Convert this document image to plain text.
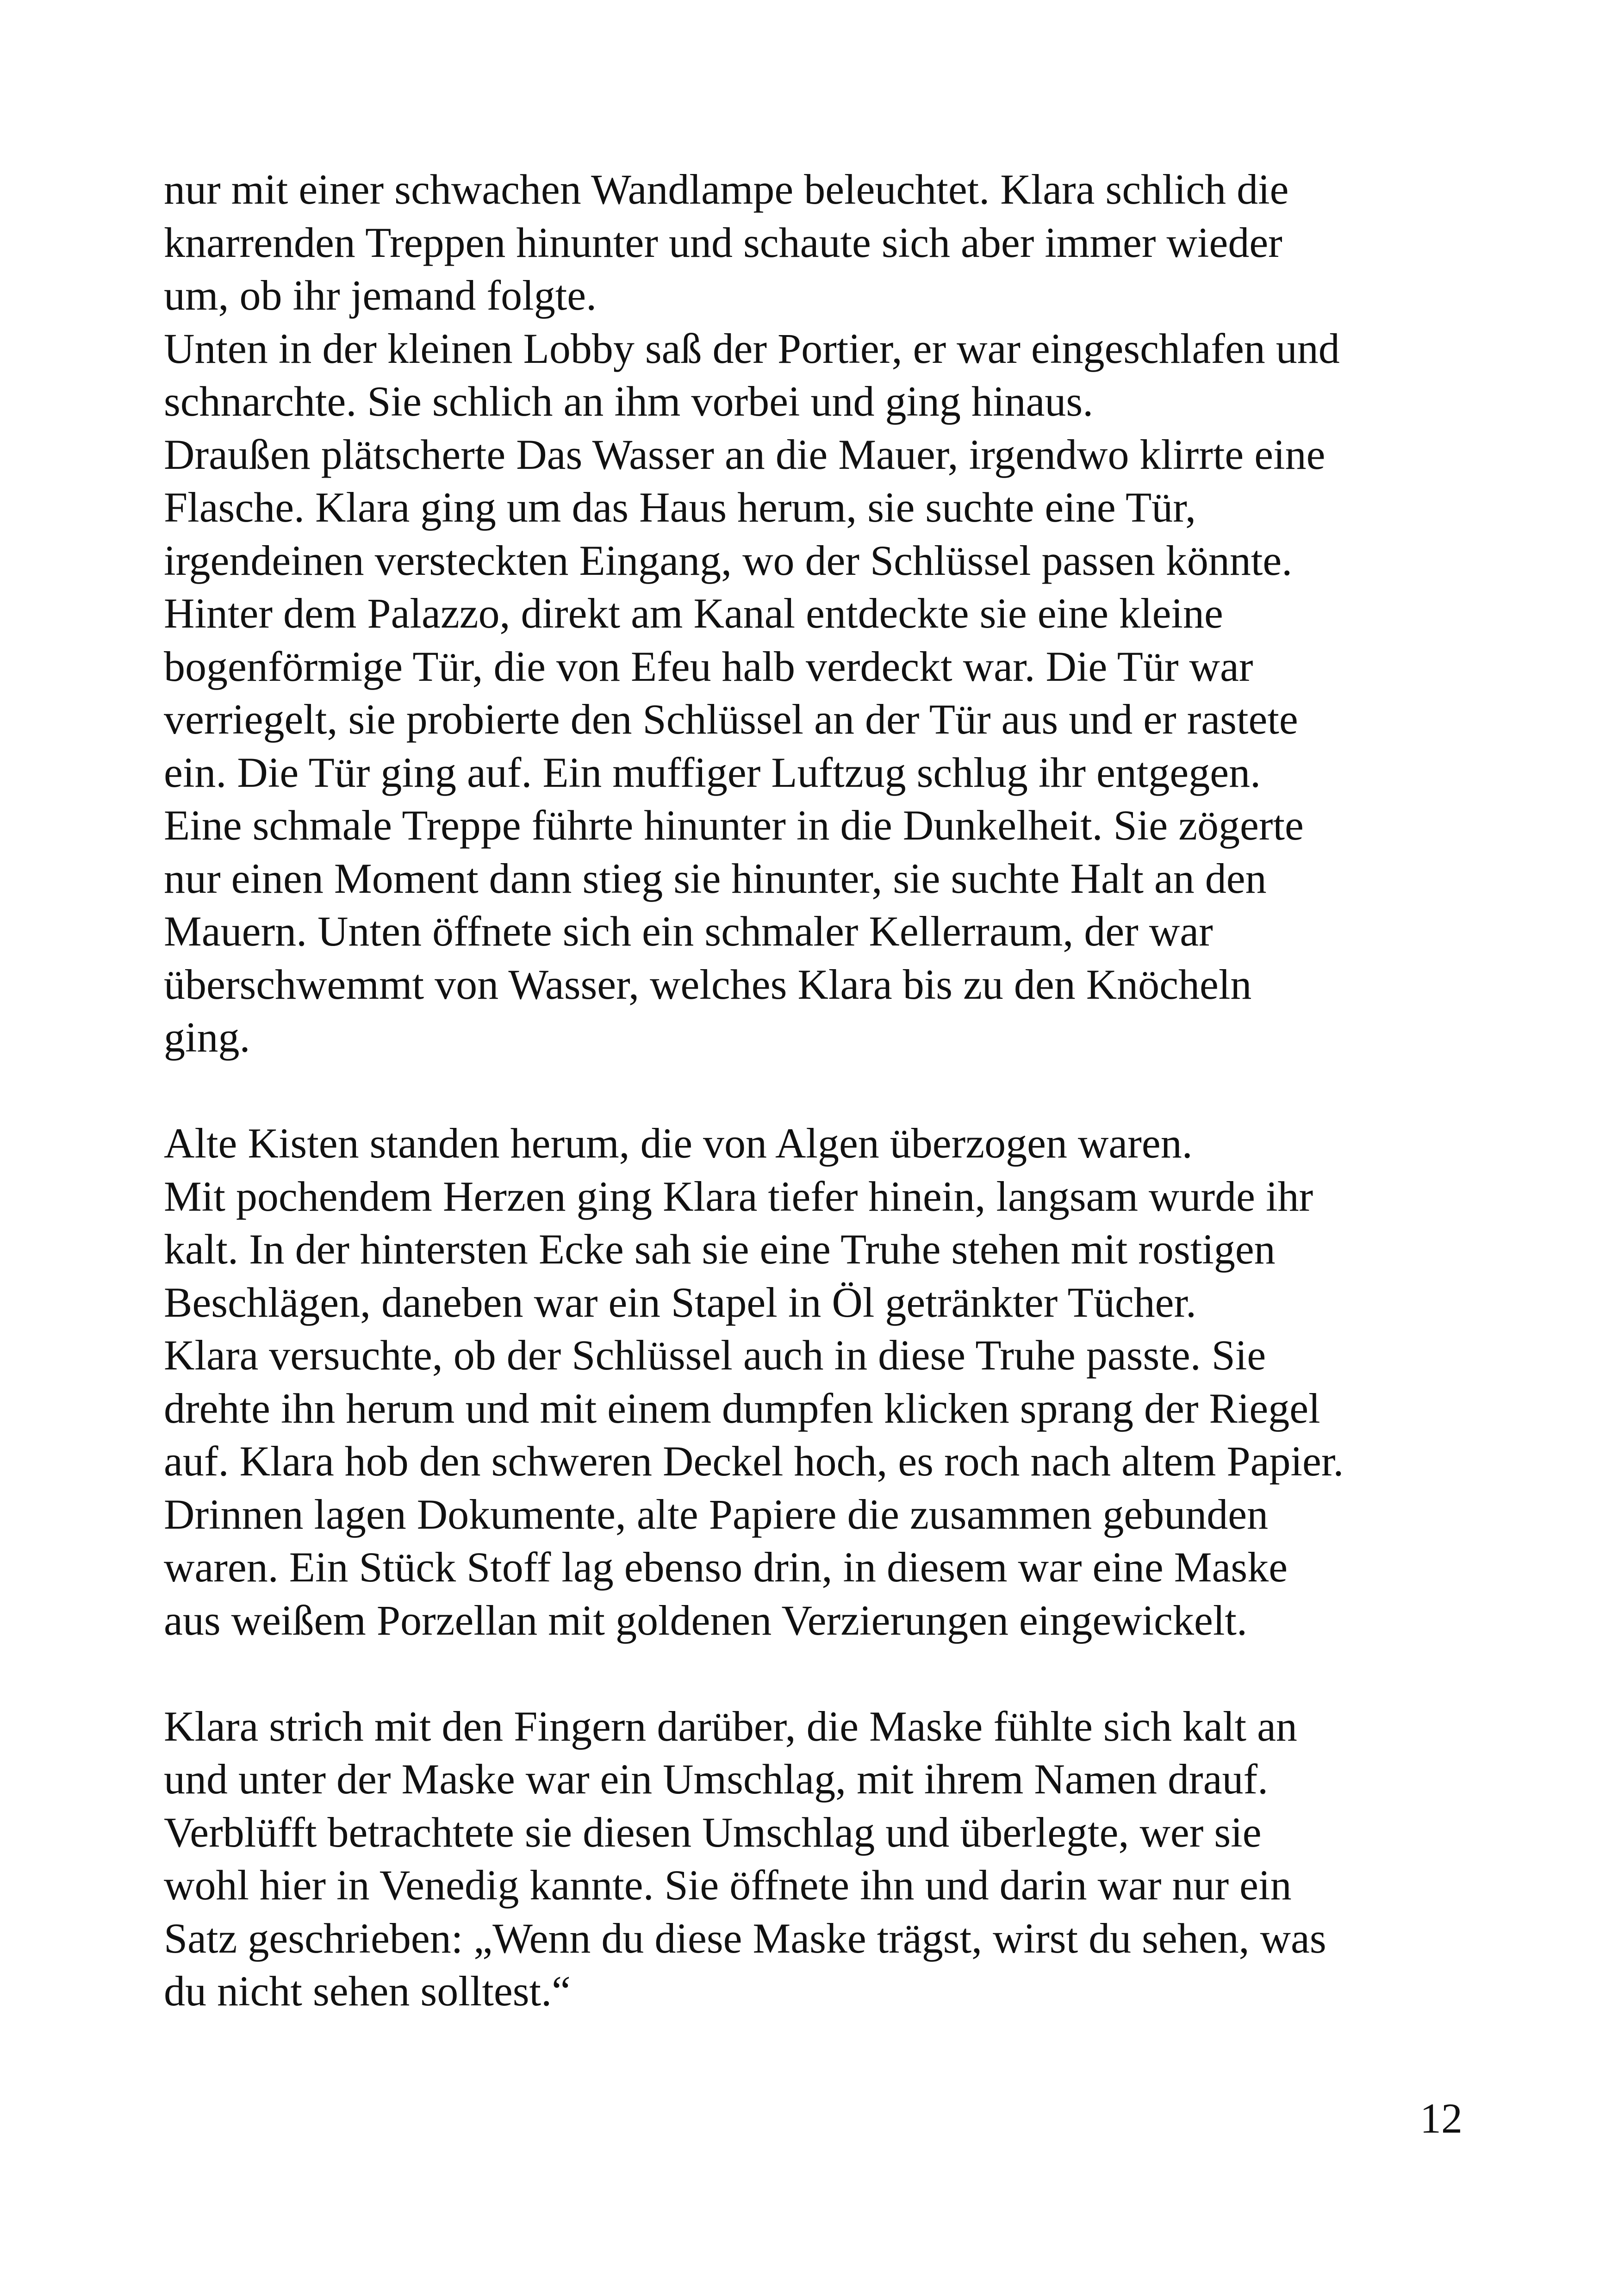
nur mit einer schwachen Wandlampe beleuchtet. Klara schlich die
knarrenden Treppen hinunter und schaute sich aber immer wieder
um, ob ihr jemand folgte.
Unten in der kleinen Lobby saß der Portier, er war eingeschlafen und
schnarchte. Sie schlich an ihm vorbei und ging hinaus.
Draußen plätscherte Das Wasser an die Mauer, irgendwo klirrte eine
Flasche. Klara ging um das Haus herum, sie suchte eine Tür,
irgendeinen versteckten Eingang, wo der Schlüssel passen könnte.
Hinter dem Palazzo, direkt am Kanal entdeckte sie eine kleine
bogenförmige Tür, die von Efeu halb verdeckt war. Die Tür war
verriegelt, sie probierte den Schlüssel an der Tür aus und er rastete
ein. Die Tür ging auf. Ein muffiger Luftzug schlug ihr entgegen.
Eine schmale Treppe führte hinunter in die Dunkelheit. Sie zögerte
nur einen Moment dann stieg sie hinunter, sie suchte Halt an den
Mauern. Unten öffnete sich ein schmaler Kellerraum, der war
überschwemmt von Wasser, welches Klara bis zu den Knöcheln
ging.
Alte Kisten standen herum, die von Algen überzogen waren.
Mit pochendem Herzen ging Klara tiefer hinein, langsam wurde ihr
kalt. In der hintersten Ecke sah sie eine Truhe stehen mit rostigen
Beschlägen, daneben war ein Stapel in Öl getränkter Tücher.
Klara versuchte, ob der Schlüssel auch in diese Truhe passte. Sie
drehte ihn herum und mit einem dumpfen klicken sprang der Riegel
auf. Klara hob den schweren Deckel hoch, es roch nach altem Papier.
Drinnen lagen Dokumente, alte Papiere die zusammen gebunden
waren. Ein Stück Stoff lag ebenso drin, in diesem war eine Maske
aus weißem Porzellan mit goldenen Verzierungen eingewickelt.
Klara strich mit den Fingern darüber, die Maske fühlte sich kalt an
und unter der Maske war ein Umschlag, mit ihrem Namen drauf.
Verblüfft betrachtete sie diesen Umschlag und überlegte, wer sie
wohl hier in Venedig kannte. Sie öffnete ihn und darin war nur ein
Satz geschrieben: „Wenn du diese Maske trägst, wirst du sehen, was
du nicht sehen solltest.“
12
